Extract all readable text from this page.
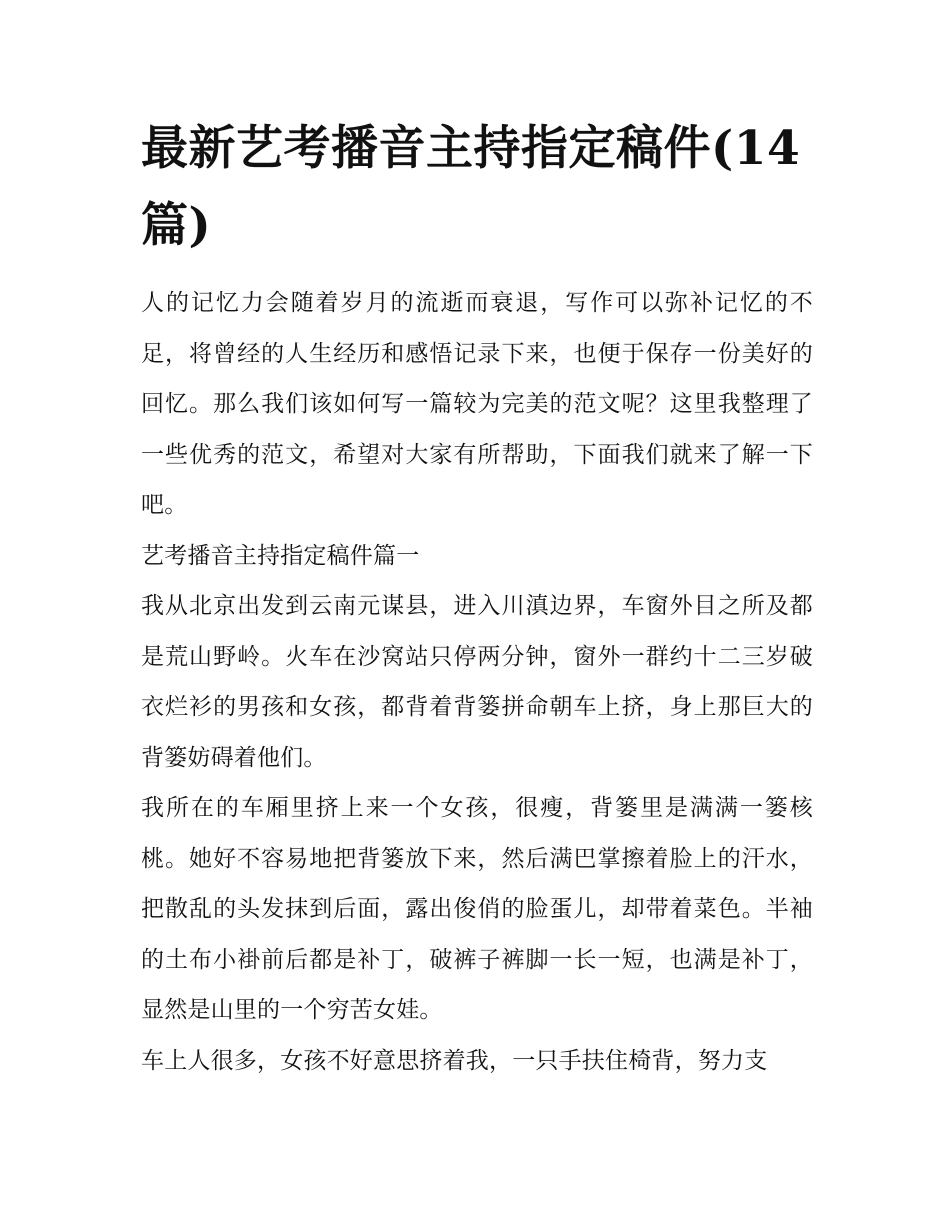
最新艺考播音主持指定稿件(14篇)

人的记忆力会随着岁月的流逝而衰退，写作可以弥补记忆的不足，将曾经的人生经历和感悟记录下来，也便于保存一份美好的回忆。那么我们该如何写一篇较为完美的范文呢？这里我整理了一些优秀的范文，希望对大家有所帮助，下面我们就来了解一下吧。

艺考播音主持指定稿件篇一

我从北京出发到云南元谋县，进入川滇边界，车窗外目之所及都是荒山野岭。火车在沙窝站只停两分钟，窗外一群约十二三岁破衣烂衫的男孩和女孩，都背着背篓拼命朝车上挤，身上那巨大的背篓妨碍着他们。

我所在的车厢里挤上来一个女孩，很瘦，背篓里是满满一篓核桃。她好不容易地把背篓放下来，然后满巴掌擦着脸上的汗水，把散乱的头发抹到后面，露出俊俏的脸蛋儿，却带着菜色。半袖的土布小褂前后都是补丁，破裤子裤脚一长一短，也满是补丁，显然是山里的一个穷苦女娃。

车上人很多，女孩不好意思挤着我，一只手扶住椅背，努力支
